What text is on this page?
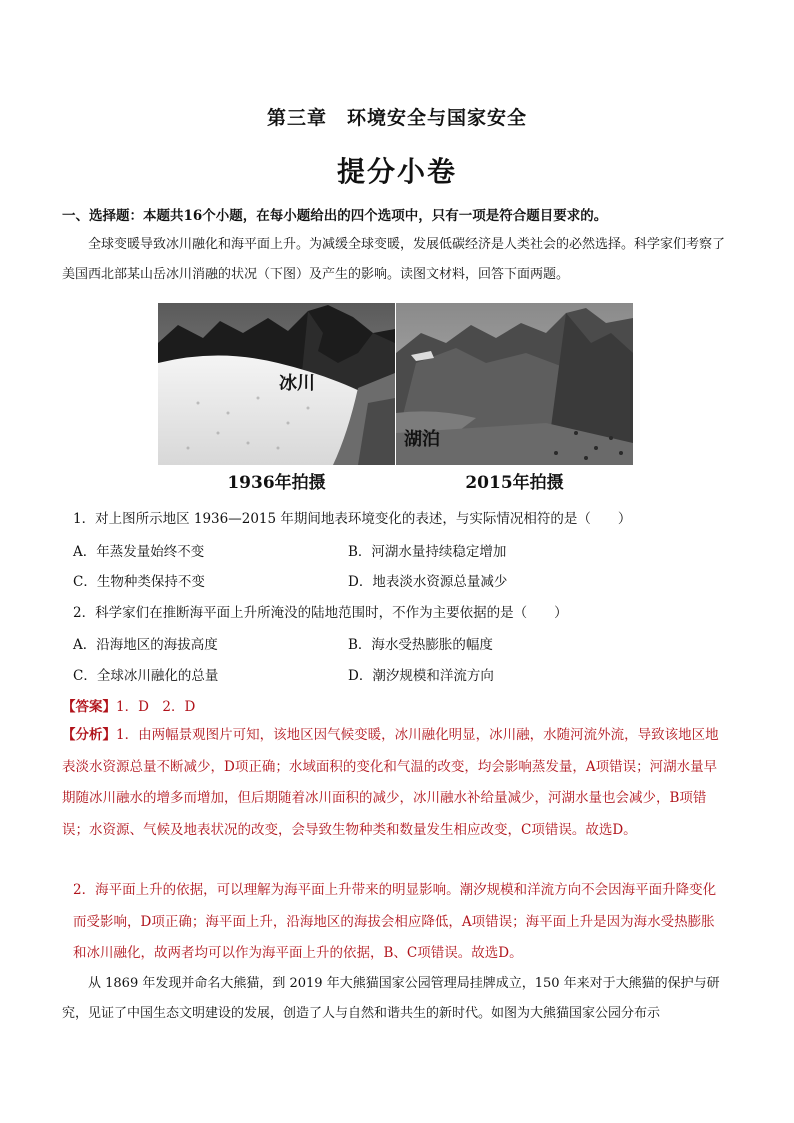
第三章　环境安全与国家安全
提分小卷
一、选择题：本题共16个小题，在每小题给出的四个选项中，只有一项是符合题目要求的。
全球变暖导致冰川融化和海平面上升。为减缓全球变暖，发展低碳经济是人类社会的必然选择。科学家们考察了美国西北部某山岳冰川消融的状况（下图）及产生的影响。读图文材料，回答下面两题。
冰川
湖泊
1936年拍摄	2015年拍摄
1．对上图所示地区 1936—2015 年期间地表环境变化的表述，与实际情况相符的是（　　）
A．年蒸发量始终不变	B．河湖水量持续稳定增加
C．生物种类保持不变	D．地表淡水资源总量减少
2．科学家们在推断海平面上升所淹没的陆地范围时，不作为主要依据的是（　　）
A．沿海地区的海拔高度	B．海水受热膨胀的幅度
C．全球冰川融化的总量	D．潮汐规模和洋流方向
【答案】1．D　2．D
【分析】1．由两幅景观图片可知，该地区因气候变暖，冰川融化明显，冰川融，水随河流外流，导致该地区地表淡水资源总量不断减少，D项正确；水域面积的变化和气温的改变，均会影响蒸发量，A项错误；河湖水量早期随冰川融水的增多而增加，但后期随着冰川面积的减少，冰川融水补给量减少，河湖水量也会减少，B项错误；水资源、气候及地表状况的改变，会导致生物种类和数量发生相应改变，C项错误。故选D。
2．海平面上升的依据，可以理解为海平面上升带来的明显影响。潮汐规模和洋流方向不会因海平面升降变化而受影响，D项正确；海平面上升，沿海地区的海拔会相应降低，A项错误；海平面上升是因为海水受热膨胀和冰川融化，故两者均可以作为海平面上升的依据，B、C项错误。故选D。
从 1869 年发现并命名大熊猫，到 2019 年大熊猫国家公园管理局挂牌成立，150 年来对于大熊猫的保护与研究，见证了中国生态文明建设的发展，创造了人与自然和谐共生的新时代。如图为大熊猫国家公园分布示
